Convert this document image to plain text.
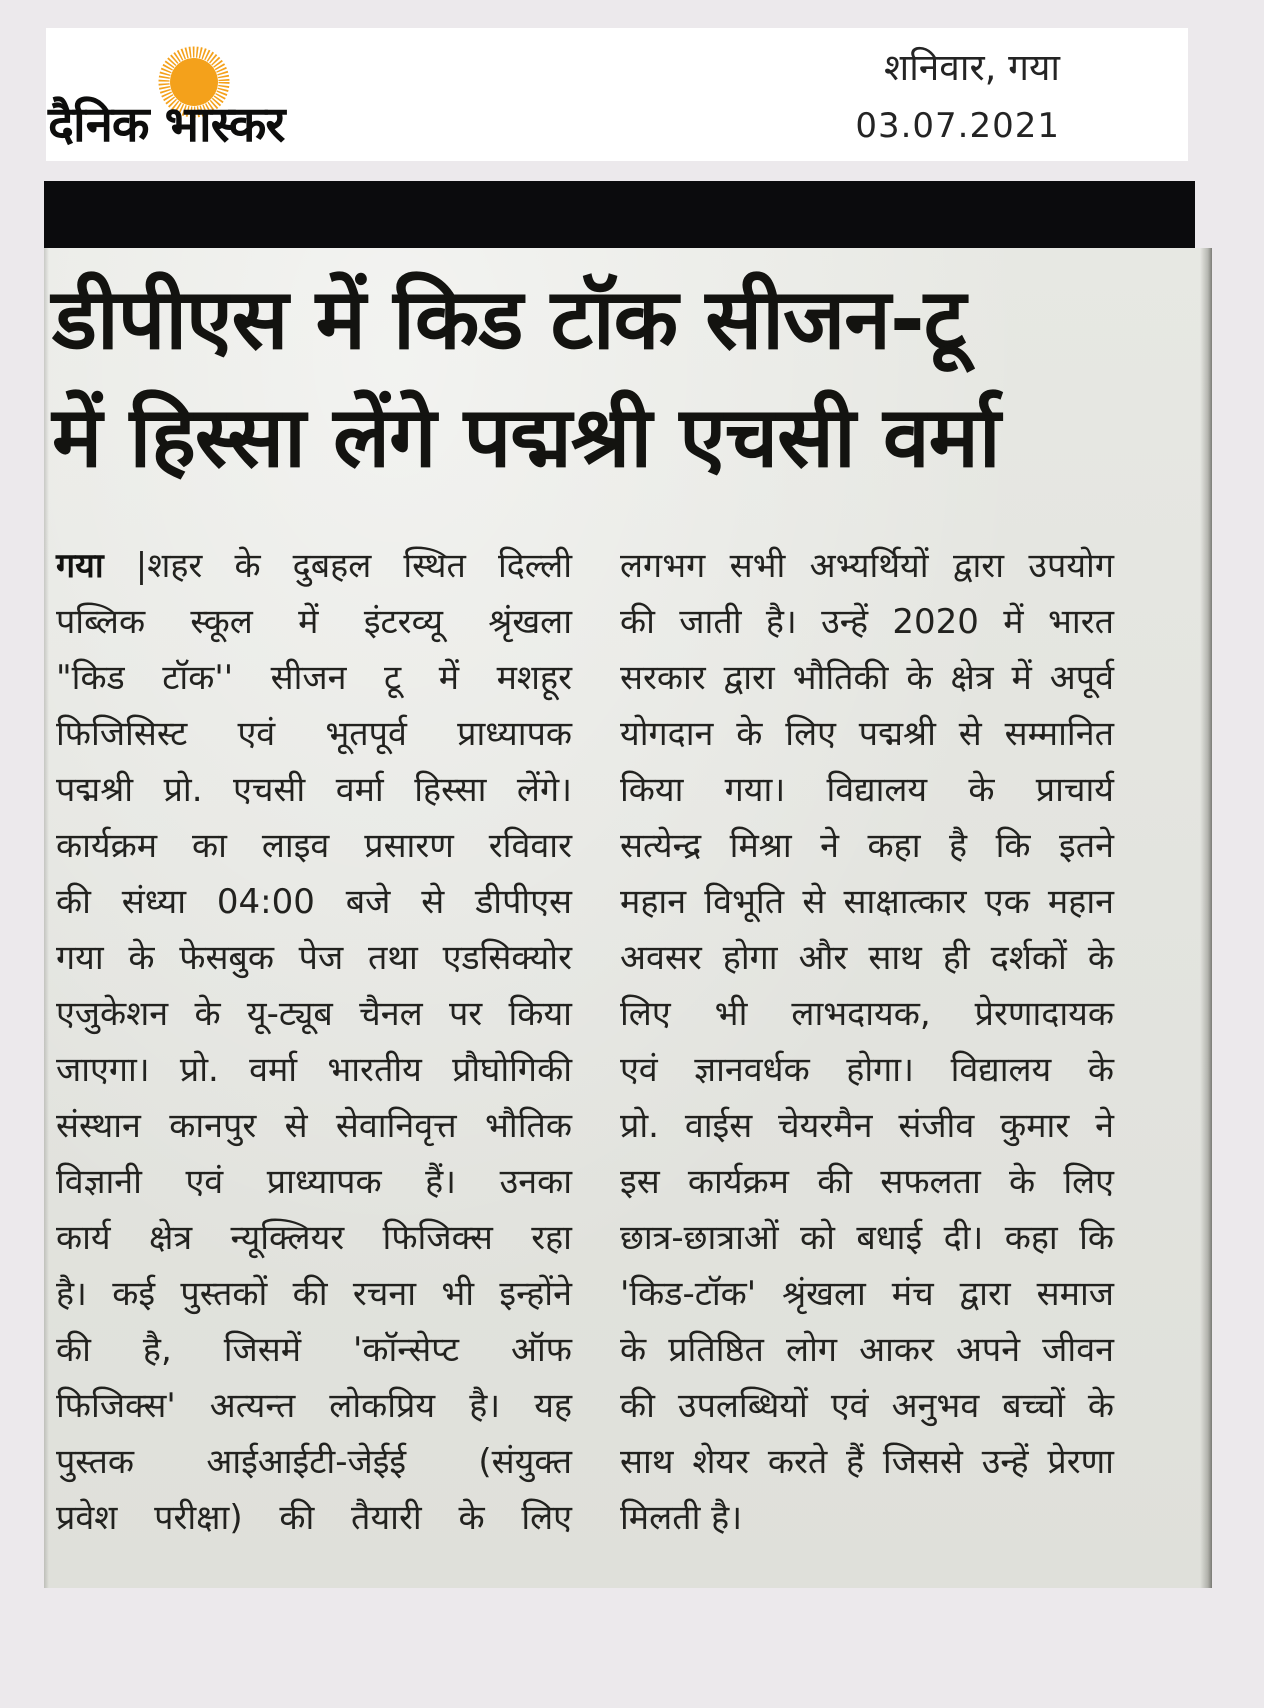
दैनिक भास्कर
शनिवार, गया
03.07.2021
डीपीएस में किड टॉक सीजन-टू
में हिस्सा लेंगे पद्मश्री एचसी वर्मा
गया |शहर के दुबहल स्थित दिल्ली
पब्लिक स्कूल में इंटरव्यू श्रृंखला
"किड टॉक'' सीजन टू में मशहूर
फिजिसिस्ट एवं भूतपूर्व प्राध्यापक
पद्मश्री प्रो. एचसी वर्मा हिस्सा लेंगे।
कार्यक्रम का लाइव प्रसारण रविवार
की संध्या 04:00 बजे से डीपीएस
गया के फेसबुक पेज तथा एडसिक्योर
एजुकेशन के यू-ट्यूब चैनल पर किया
जाएगा। प्रो. वर्मा भारतीय प्रौघोगिकी
संस्थान कानपुर से सेवानिवृत्त भौतिक
विज्ञानी एवं प्राध्यापक हैं। उनका
कार्य क्षेत्र न्यूक्लियर फिजिक्स रहा
है। कई पुस्तकों की रचना भी इन्होंने
की है, जिसमें 'कॉन्सेप्ट ऑफ
फिजिक्स' अत्यन्त लोकप्रिय है। यह
पुस्तक आईआईटी-जेईई (संयुक्त
प्रवेश परीक्षा) की तैयारी के लिए
लगभग सभी अभ्यर्थियों द्वारा उपयोग
की जाती है। उन्हें 2020 में भारत
सरकार द्वारा भौतिकी के क्षेत्र में अपूर्व
योगदान के लिए पद्मश्री से सम्मानित
किया गया। विद्यालय के प्राचार्य
सत्येन्द्र मिश्रा ने कहा है कि इतने
महान विभूति से साक्षात्कार एक महान
अवसर होगा और साथ ही दर्शकों के
लिए भी लाभदायक, प्रेरणादायक
एवं ज्ञानवर्धक होगा। विद्यालय के
प्रो. वाईस चेयरमैन संजीव कुमार ने
इस कार्यक्रम की सफलता के लिए
छात्र-छात्राओं को बधाई दी। कहा कि
'किड-टॉक' श्रृंखला मंच द्वारा समाज
के प्रतिष्ठित लोग आकर अपने जीवन
की उपलब्धियों एवं अनुभव बच्चों के
साथ शेयर करते हैं जिससे उन्हें प्रेरणा
मिलती है।
